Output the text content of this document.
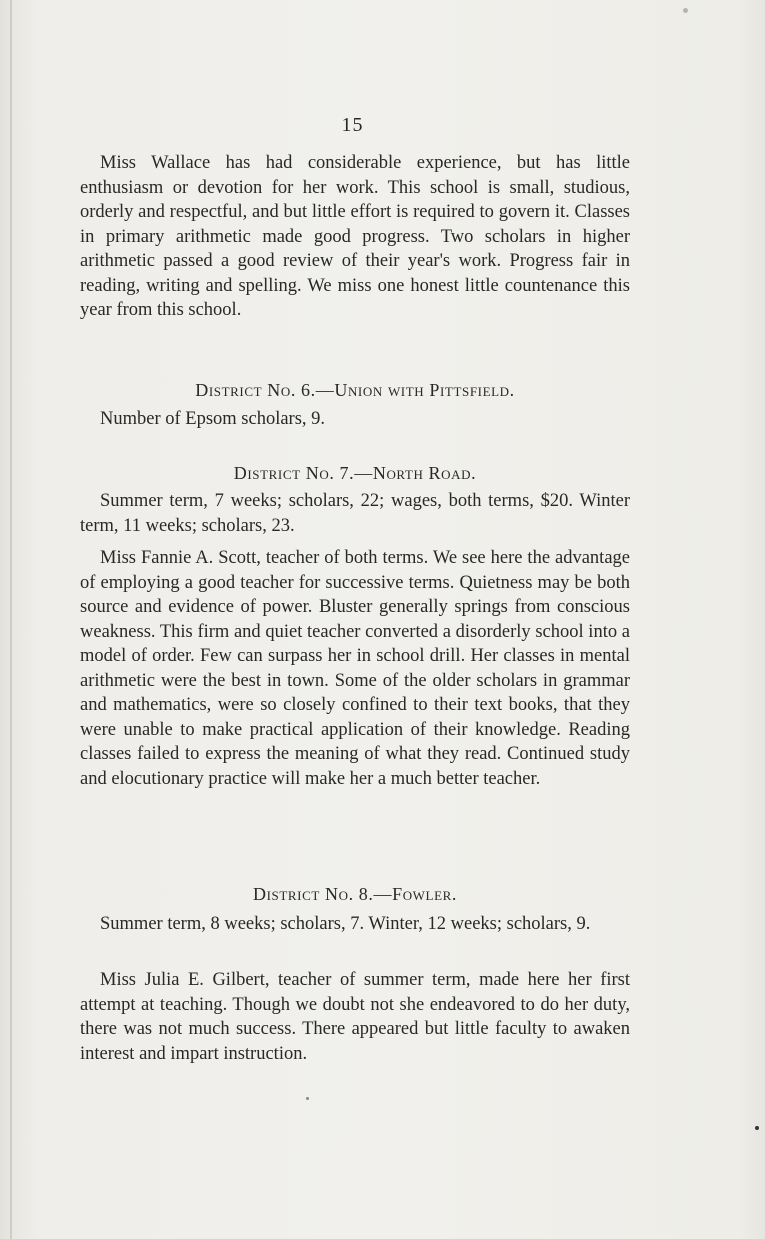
15

Miss Wallace has had considerable experience, but has little enthusiasm or devotion for her work. This school is small, studious, orderly and respectful, and but little effort is required to govern it. Classes in primary arithmetic made good progress. Two scholars in higher arithmetic passed a good review of their year's work. Progress fair in reading, writing and spelling. We miss one honest little countenance this year from this school.

District No. 6.—Union with Pittsfield.

Number of Epsom scholars, 9.

District No. 7.—North Road.

Summer term, 7 weeks; scholars, 22; wages, both terms, $20. Winter term, 11 weeks; scholars, 23.

Miss Fannie A. Scott, teacher of both terms. We see here the advantage of employing a good teacher for successive terms. Quietness may be both source and evidence of power. Bluster generally springs from conscious weakness. This firm and quiet teacher converted a disorderly school into a model of order. Few can surpass her in school drill. Her classes in mental arithmetic were the best in town. Some of the older scholars in grammar and mathematics, were so closely confined to their text books, that they were unable to make practical application of their knowledge. Reading classes failed to express the meaning of what they read. Continued study and elocutionary practice will make her a much better teacher.

District No. 8.—Fowler.

Summer term, 8 weeks; scholars, 7. Winter, 12 weeks; scholars, 9.

Miss Julia E. Gilbert, teacher of summer term, made here her first attempt at teaching. Though we doubt not she endeavored to do her duty, there was not much success. There appeared but little faculty to awaken interest and impart instruction.
